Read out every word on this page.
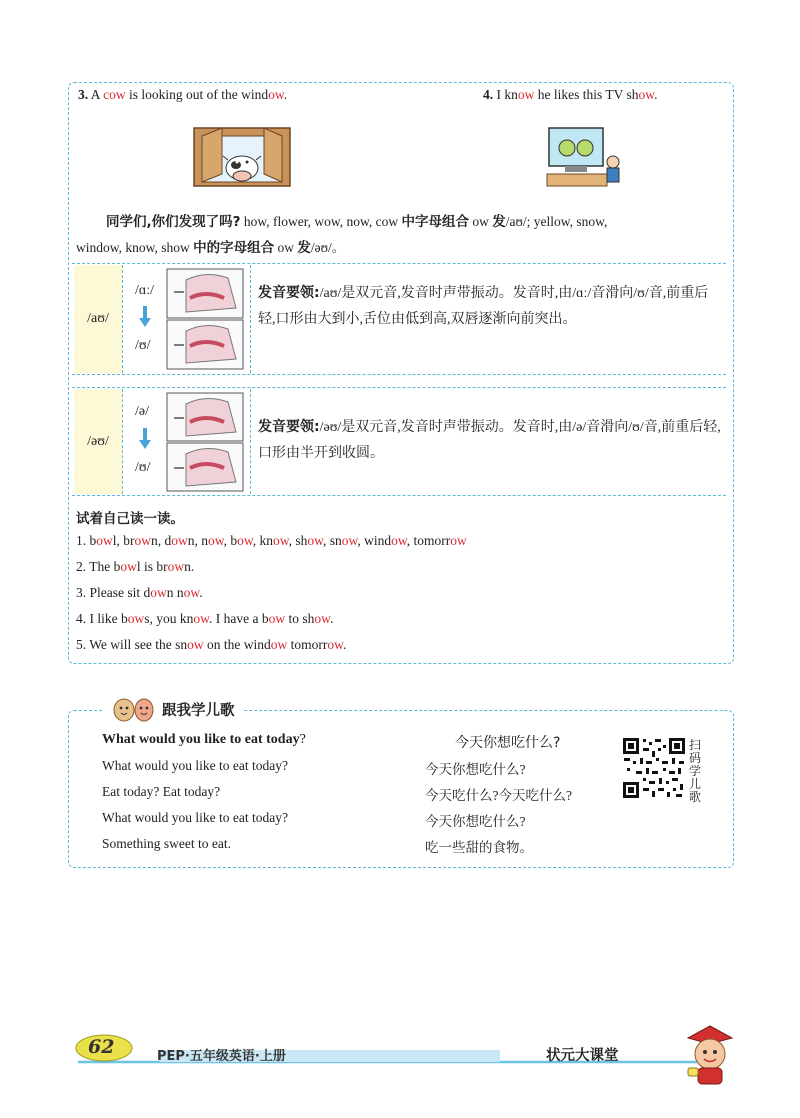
3. A cow is looking out of the window.	4. I know he likes this TV show.
同学们,你们发现了吗? how, flower, wow, now, cow 中字母组合 ow 发/aʊ/; yellow, snow,
window, know, show 中的字母组合 ow 发/əʊ/。
/aʊ/
/ɑː/
/ʊ/
发音要领:/aʊ/是双元音,发音时声带振动。发音时,由/ɑː/音滑向/ʊ/音,前重后轻,口形由大到小,舌位由低到高,双唇逐渐向前突出。
/əʊ/
/ə/
/ʊ/
发音要领:/əʊ/是双元音,发音时声带振动。发音时,由/ə/音滑向/ʊ/音,前重后轻,口形由半开到收圆。
试着自己读一读。
1. bowl, brown, down, now, bow, know, show, snow, window, tomorrow
2. The bowl is brown.
3. Please sit down now.
4. I like bows, you know. I have a bow to show.
5. We will see the snow on the window tomorrow.
跟我学儿歌
What would you like to eat today?	今天你想吃什么?
What would you like to eat today?
Eat today? Eat today?
What would you like to eat today?
Something sweet to eat.
今天你想吃什么?
今天吃什么?今天吃什么?
今天你想吃什么?
吃一些甜的食物。
扫码学儿歌
62	PEP·五年级英语·上册	状元大课堂
